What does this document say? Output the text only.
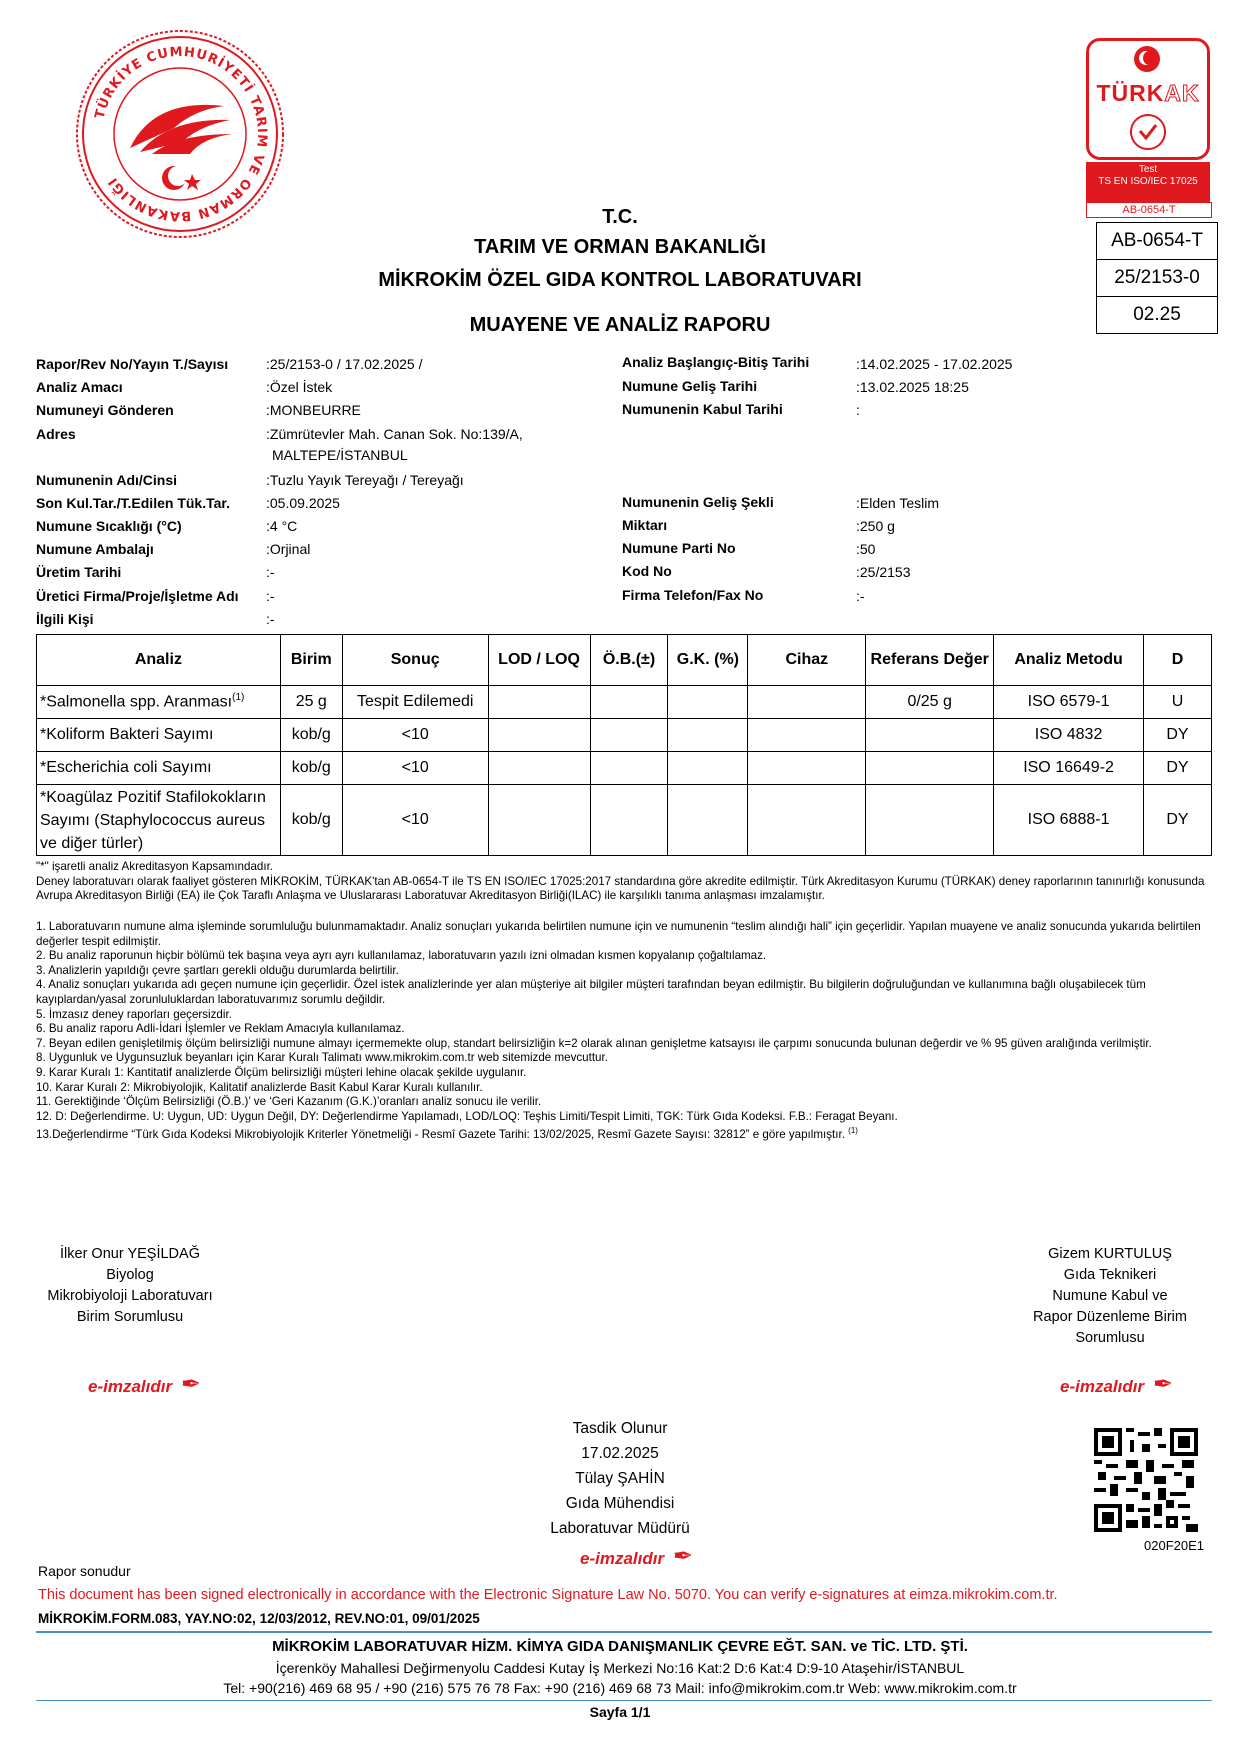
TÜRKİYE CUMHURİYETİ TARIM VE ORMAN BAKANLIĞI
TÜRKAK
Test
TS EN ISO/IEC 17025
AB-0654-T
AB-0654-T
25/2153-0
02.25
T.C.
TARIM VE ORMAN BAKANLIĞI
MİKROKİM ÖZEL GIDA KONTROL LABORATUVARI
MUAYENE VE ANALİZ RAPORU
Rapor/Rev No/Yayın T./Sayısı	:25/2153-0 / 17.02.2025 /
Analiz Amacı	:Özel İstek
Numuneyi Gönderen	:MONBEURRE
Adres	:Zümrütevler Mah. Canan Sok. No:139/A,
MALTEPE/İSTANBUL
Numunenin Adı/Cinsi	:Tuzlu Yayık Tereyağı / Tereyağı
Son Kul.Tar./T.Edilen Tük.Tar.	:05.09.2025
Numune Sıcaklığı (°C)	:4 °C
Numune Ambalajı	:Orjinal
Üretim Tarihi	:-
Üretici Firma/Proje/İşletme Adı :-
İlgili Kişi	:-
Analiz Başlangıç-Bitiş Tarihi	:14.02.2025 - 17.02.2025
Numune Geliş Tarihi	:13.02.2025 18:25
Numunenin Kabul Tarihi	:
Numunenin Geliş Şekli	:Elden Teslim
Miktarı	:250 g
Numune Parti No	:50
Kod No	:25/2153
Firma Telefon/Fax No	:-
Analiz	Birim	Sonuç	LOD / LOQ	Ö.B.(±)	G.K. (%)	Cihaz	Referans Değer	Analiz Metodu	D
*Salmonella spp. Aranması$^{(1)}$	25 g	Tespit Edilemedi					0/25 g	ISO 6579-1	U
*Koliform Bakteri Sayımı	kob/g	<10						ISO 4832	DY
*Escherichia coli Sayımı	kob/g	<10						ISO 16649-2	DY
*Koagülaz Pozitif Stafilokokların Sayımı (Staphylococcus aureus ve diğer türler)	kob/g	<10						ISO 6888-1	DY

"*" işaretli analiz Akreditasyon Kapsamındadır.

Deney laboratuvarı olarak faaliyet gösteren MİKROKİM, TÜRKAK'tan AB-0654-T ile TS EN ISO/IEC 17025:2017 standardına göre akredite edilmiştir. Türk Akreditasyon Kurumu (TÜRKAK) deney raporlarının tanınırlığı konusunda Avrupa Akreditasyon Birliği (EA) ile Çok Taraflı Anlaşma ve Uluslararası Laboratuvar Akreditasyon Birliği(ILAC) ile karşılıklı tanıma anlaşması imzalamıştır.

1. Laboratuvarın numune alma işleminde sorumluluğu bulunmamaktadır. Analiz sonuçları yukarıda belirtilen numune için ve numunenin “teslim alındığı hali” için geçerlidir. Yapılan muayene ve analiz sonucunda yukarıda belirtilen değerler tespit edilmiştir.

2. Bu analiz raporunun hiçbir bölümü tek başına veya ayrı ayrı kullanılamaz, laboratuvarın yazılı izni olmadan kısmen kopyalanıp çoğaltılamaz.

3. Analizlerin yapıldığı çevre şartları gerekli olduğu durumlarda belirtilir.

4. Analiz sonuçları yukarıda adı geçen numune için geçerlidir. Özel istek analizlerinde yer alan müşteriye ait bilgiler müşteri tarafından beyan edilmiştir. Bu bilgilerin doğruluğundan ve kullanımına bağlı oluşabilecek tüm kayıplardan/yasal zorunluluklardan laboratuvarımız sorumlu değildir.

5. İmzasız deney raporları geçersizdir.

6. Bu analiz raporu Adli-İdari İşlemler ve Reklam Amacıyla kullanılamaz.

7. Beyan edilen genişletilmiş ölçüm belirsizliği numune almayı içermemekte olup, standart belirsizliğin k=2 olarak alınan genişletme katsayısı ile çarpımı sonucunda bulunan değerdir ve % 95 güven aralığında verilmiştir.

8. Uygunluk ve Uygunsuzluk beyanları için Karar Kuralı Talimatı www.mikrokim.com.tr web sitemizde mevcuttur.

9. Karar Kuralı 1: Kantitatif analizlerde Ölçüm belirsizliği müşteri lehine olacak şekilde uygulanır.

10. Karar Kuralı 2: Mikrobiyolojik, Kalitatif analizlerde Basit Kabul Karar Kuralı kullanılır.

11. Gerektiğinde ‘Ölçüm Belirsizliği (Ö.B.)’ ve ‘Geri Kazanım (G.K.)’oranları analiz sonucu ile verilir.

12. D: Değerlendirme. U: Uygun, UD: Uygun Değil, DY: Değerlendirme Yapılamadı, LOD/LOQ: Teşhis Limiti/Tespit Limiti, TGK: Türk Gıda Kodeksi. F.B.: Feragat Beyanı.

13.Değerlendirme “Türk Gıda Kodeksi Mikrobiyolojik Kriterler Yönetmeliği - Resmî Gazete Tarihi: 13/02/2025, Resmî Gazete Sayısı: 32812” e göre yapılmıştır. $^{(1)}$

İlker Onur YEŞİLDAĞ
Biyolog
Mikrobiyoloji Laboratuvarı
Birim Sorumlusu
e-imzalıdır ✒
Gizem KURTULUŞ
Gıda Teknikeri
Numune Kabul ve
Rapor Düzenleme Birim
Sorumlusu
e-imzalıdır ✒
Tasdik Olunur
17.02.2025
Tülay ŞAHİN
Gıda Mühendisi
Laboratuvar Müdürü
e-imzalıdır ✒	020F20E1
Rapor sonudur
This document has been signed electronically in accordance with the Electronic Signature Law No. 5070. You can verify e-signatures at eimza.mikrokim.com.tr.
MİKROKİM.FORM.083, YAY.NO:02, 12/03/2012, REV.NO:01, 09/01/2025
MİKROKİM LABORATUVAR HİZM. KİMYA GIDA DANIŞMANLIK ÇEVRE EĞT. SAN. ve TİC. LTD. ŞTİ.
İçerenköy Mahallesi Değirmenyolu Caddesi Kutay İş Merkezi No:16 Kat:2 D:6 Kat:4 D:9-10 Ataşehir/İSTANBUL
Tel: +90(216) 469 68 95 / +90 (216) 575 76 78 Fax: +90 (216) 469 68 73 Mail: info@mikrokim.com.tr Web: www.mikrokim.com.tr
Sayfa 1/1
